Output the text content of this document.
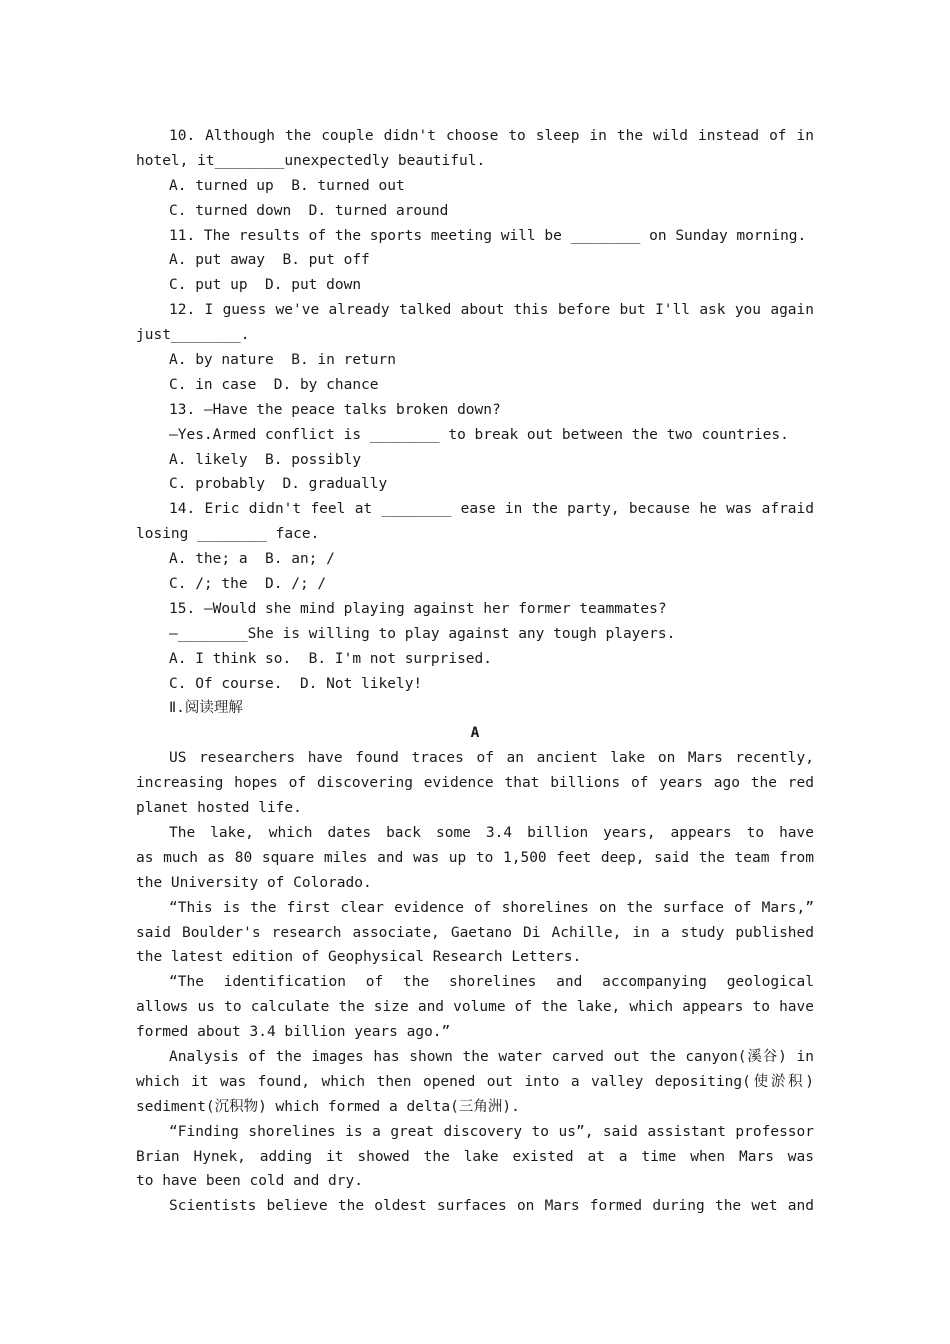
10. Although the couple didn't choose to sleep in the wild instead of in
hotel, it________unexpectedly beautiful.
A. turned up  B. turned out
C. turned down  D. turned around
11. The results of the sports meeting will be ________ on Sunday morning.
A. put away  B. put off
C. put up  D. put down
12. I guess we've already talked about this before but I'll ask you again
just________.
A. by nature  B. in return
C. in case  D. by chance
13. —Have the peace talks broken down?
—Yes.Armed conflict is ________ to break out between the two countries.
A. likely  B. possibly
C. probably  D. gradually
14. Eric didn't feel at ________ ease in the party, because he was afraid
losing ________ face.
A. the; a  B. an; /
C. /; the  D. /; /
15. —Would she mind playing against her former teammates?
—________She is willing to play against any tough players.
A. I think so.  B. I'm not surprised.
C. Of course.  D. Not likely!
Ⅱ.阅读理解
A
US researchers have found traces of an ancient lake on Mars recently,
increasing hopes of discovering evidence that billions of years ago the red
planet hosted life.
The lake, which dates back some 3.4 billion years, appears to have
as much as 80 square miles and was up to 1,500 feet deep, said the team from
the University of Colorado.
“This is the first clear evidence of shorelines on the surface of Mars,”
said Boulder's research associate, Gaetano Di Achille, in a study published
the latest edition of Geophysical Research Letters.
“The identification of the shorelines and accompanying geological
allows us to calculate the size and volume of the lake, which appears to have
formed about 3.4 billion years ago.”
Analysis of the images has shown the water carved out the canyon(溪谷) in
which it was found, which then opened out into a valley depositing(使淤积)
sediment(沉积物) which formed a delta(三角洲).
“Finding shorelines is a great discovery to us”, said assistant professor
Brian Hynek, adding it showed the lake existed at a time when Mars was
to have been cold and dry.
Scientists believe the oldest surfaces on Mars formed during the wet and
